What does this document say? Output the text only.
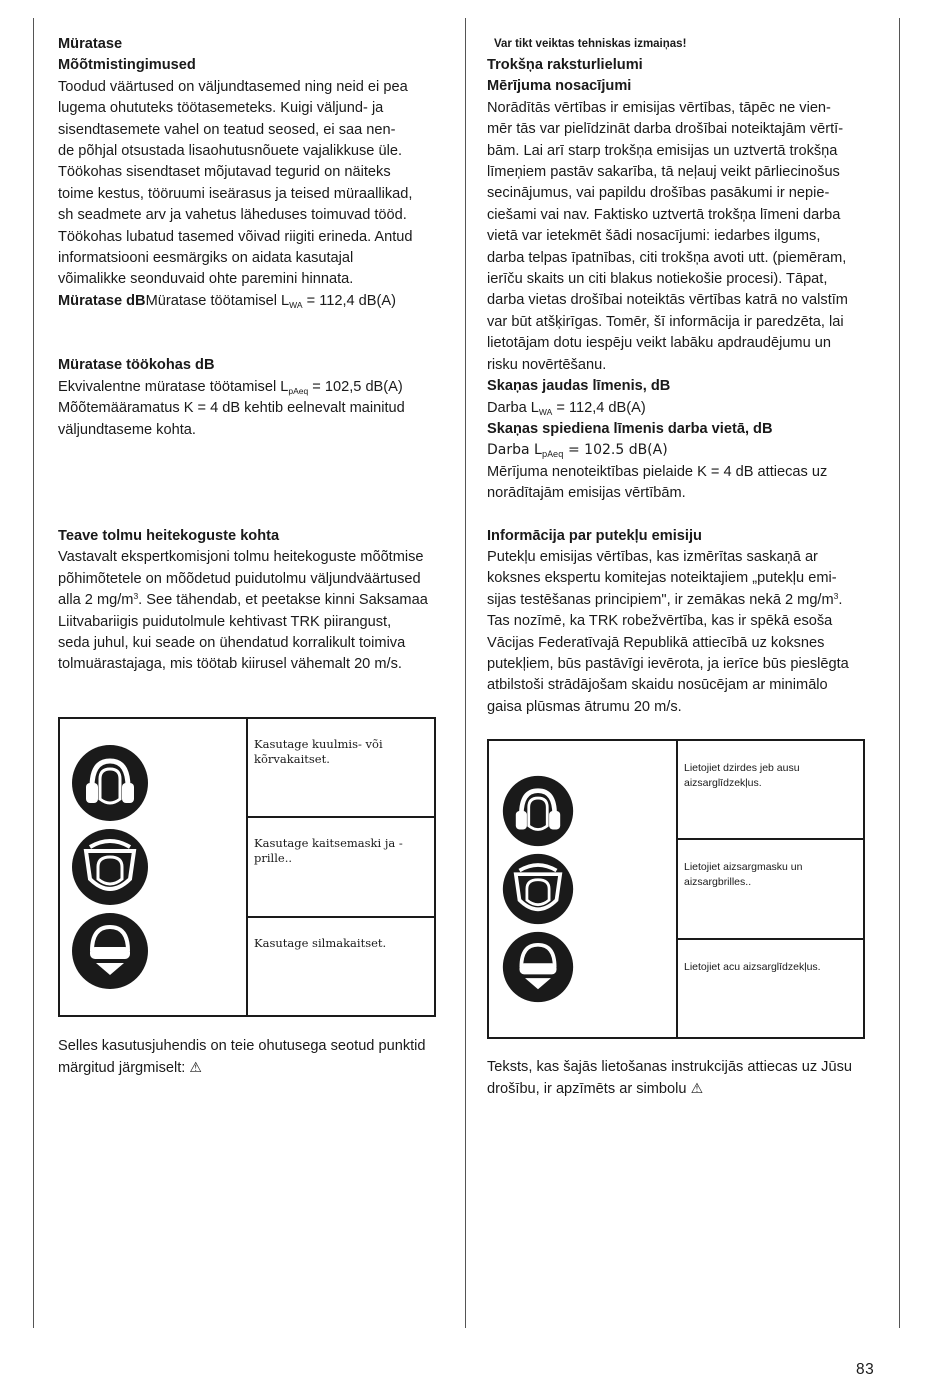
Müratase

Mõõtmistingimused

Toodud väärtused on väljundtasemed ning neid ei pea

lugema ohututeks töötasemeteks. Kuigi väljund- ja

sisendtasemete vahel on teatud seosed, ei saa nen-

de põhjal otsustada lisaohutusnõuete vajalikkuse üle.

Töökohas sisendtaset mõjutavad tegurid on näiteks

toime kestus, tööruumi iseärasus ja teised müraallikad,

sh seadmete arv ja vahetus läheduses toimuvad tööd.

Töökohas lubatud tasemed võivad riigiti erineda. Antud

informatsiooni eesmärgiks on aidata kasutajal

võimalikke seonduvaid ohte paremini hinnata.

Müratase dBMüratase töötamisel $L_{WA} = 112,4$ dB(A)

Müratase töökohas dB

Ekvivalentne müratase töötamisel $L_{pAeq} = 102,5$ dB(A)

Mõõtemääramatus K = 4 dB kehtib eelnevalt mainitud

väljundtaseme kohta.

Teave tolmu heitekoguste kohta

Vastavalt ekspertkomisjoni tolmu heitekoguste mõõtmise

põhimõtetele on mõõdetud puidutolmu väljundväärtused

alla 2 $mg/m^3$. See tähendab, et peetakse kinni Saksamaa

Liitvabariigis puidutolmule kehtivast TRK piirangust,

seda juhul, kui seade on ühendatud korralikult toimiva

tolmuärastajaga, mis töötab kiirusel vähemalt 20 m/s.

Kasutage kuulmis- või
kõrvakaitset.
Kasutage kaitsemaski ja -prille..
Kasutage silmakaitset.

Selles kasutusjuhendis on teie ohutusega seotud punktid

märgitud järgmiselt: ⚠

Var tikt veiktas tehniskas izmaiņas!

Trokšņa raksturlielumi

Mērījuma nosacījumi

Norādītās vērtības ir emisijas vērtības, tāpēc ne vien-

mēr tās var pielīdzināt darba drošībai noteiktajām vērtī-

bām. Lai arī starp trokšņa emisijas un uztvertā trokšņa

līmeņiem pastāv sakarība, tā neļauj veikt pārliecinošus

secinājumus, vai papildu drošības pasākumi ir nepie-

ciešami vai nav. Faktisko uztvertā trokšņa līmeni darba

vietā var ietekmēt šādi nosacījumi: iedarbes ilgums,

darba telpas īpatnības, citi trokšņa avoti utt. (piemēram,

ierīču skaits un citi blakus notiekošie procesi). Tāpat,

darba vietas drošībai noteiktās vērtības katrā no valstīm

var būt atšķirīgas. Tomēr, šī informācija ir paredzēta, lai

lietotājam dotu iespēju veikt labāku apdraudējumu un

risku novērtēšanu.

Skaņas jaudas līmenis, dB

Darba $L_{WA} = 112,4$ dB(A)

Skaņas spiediena līmenis darba vietā, dB

Darba $L_{pAeq} = 102.5$ dB(A)

Mērījuma nenoteiktības pielaide K = 4 dB attiecas uz

norādītajām emisijas vērtībām.

Informācija par putekļu emisiju

Putekļu emisijas vērtības, kas izmērītas saskaņā ar

koksnes ekspertu komitejas noteiktajiem „putekļu emi-

sijas testēšanas principiem", ir zemākas nekā 2 $mg/m^3$.

Tas nozīmē, ka TRK robežvērtība, kas ir spēkā esoša

Vācijas Federatīvajā Republikā attiecībā uz koksnes

putekļiem, būs pastāvīgi ievērota, ja ierīce būs pieslēgta

atbilstoši strādājošam skaidu nosūcējam ar minimālo

gaisa plūsmas ātrumu 20 m/s.

Lietojiet dzirdes jeb ausu
aizsarglīdzekļus.
Lietojiet aizsargmasku un
aizsargbrilles..
Lietojiet acu aizsarglīdzekļus.

Teksts, kas šajās lietošanas instrukcijās attiecas uz Jūsu

drošību, ir apzīmēts ar simbolu ⚠

83
